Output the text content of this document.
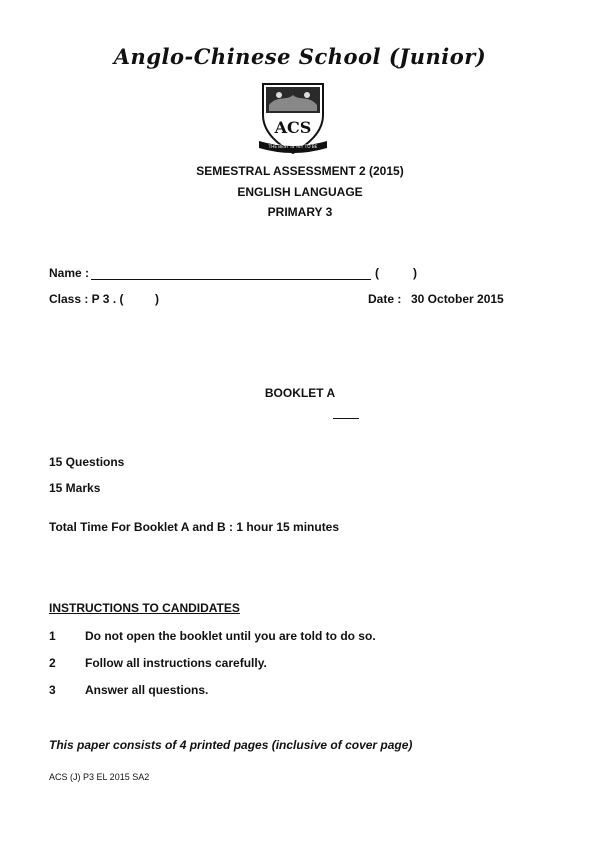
Anglo-Chinese School (Junior)
ACS
THE BEST IS YET TO BE
SEMESTRAL ASSESSMENT 2 (2015)
ENGLISH LANGUAGE
PRIMARY 3
Name :	(	)
Class : P 3 . (	)	Date : 30 October 2015
BOOKLET A
15 Questions
15 Marks
Total Time For Booklet A and B : 1 hour 15 minutes
INSTRUCTIONS TO CANDIDATES
1 Do not open the booklet until you are told to do so.
2 Follow all instructions carefully.
3 Answer all questions.
This paper consists of 4 printed pages (inclusive of cover page)
ACS (J) P3 EL 2015 SA2
